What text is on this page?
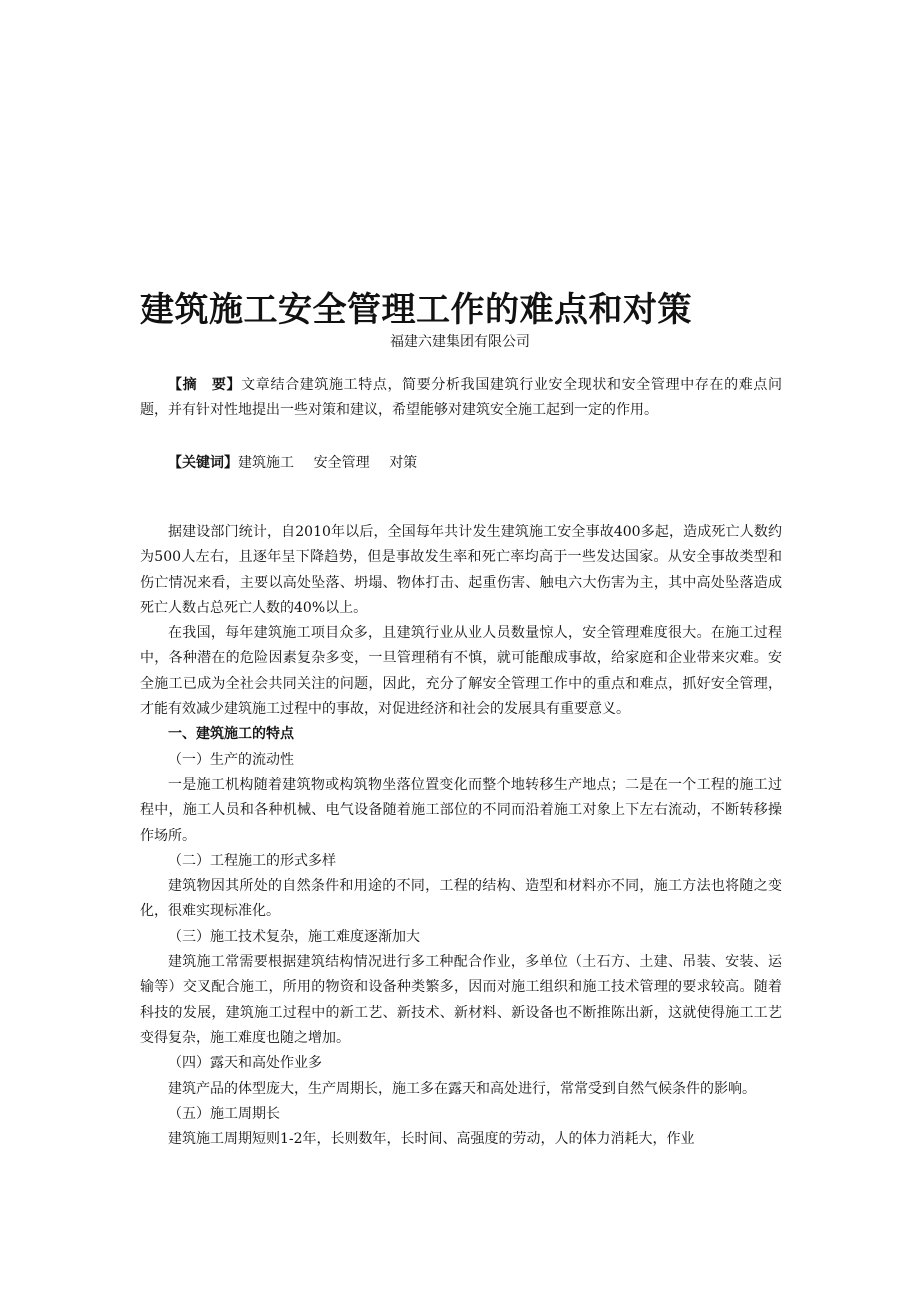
建筑施工安全管理工作的难点和对策
福建六建集团有限公司

【摘　要】文章结合建筑施工特点，简要分析我国建筑行业安全现状和安全管理中存在的难点问题，并有针对性地提出一些对策和建议，希望能够对建筑安全施工起到一定的作用。

【关键词】建筑施工 安全管理 对策

据建设部门统计，自2010年以后，全国每年共计发生建筑施工安全事故400多起，造成死亡人数约为500人左右，且逐年呈下降趋势，但是事故发生率和死亡率均高于一些发达国家。从安全事故类型和伤亡情况来看，主要以高处坠落、坍塌、物体打击、起重伤害、触电六大伤害为主，其中高处坠落造成死亡人数占总死亡人数的40%以上。

在我国，每年建筑施工项目众多，且建筑行业从业人员数量惊人，安全管理难度很大。在施工过程中，各种潜在的危险因素复杂多变，一旦管理稍有不慎，就可能酿成事故，给家庭和企业带来灾难。安全施工已成为全社会共同关注的问题，因此，充分了解安全管理工作中的重点和难点，抓好安全管理，才能有效减少建筑施工过程中的事故，对促进经济和社会的发展具有重要意义。

一、建筑施工的特点

（一）生产的流动性

一是施工机构随着建筑物或构筑物坐落位置变化而整个地转移生产地点；二是在一个工程的施工过程中，施工人员和各种机械、电气设备随着施工部位的不同而沿着施工对象上下左右流动，不断转移操作场所。

（二）工程施工的形式多样

建筑物因其所处的自然条件和用途的不同，工程的结构、造型和材料亦不同，施工方法也将随之变化，很难实现标准化。

（三）施工技术复杂，施工难度逐渐加大

建筑施工常需要根据建筑结构情况进行多工种配合作业，多单位（土石方、土建、吊装、安装、运输等）交叉配合施工，所用的物资和设备种类繁多，因而对施工组织和施工技术管理的要求较高。随着科技的发展，建筑施工过程中的新工艺、新技术、新材料、新设备也不断推陈出新，这就使得施工工艺变得复杂，施工难度也随之增加。

（四）露天和高处作业多

建筑产品的体型庞大，生产周期长，施工多在露天和高处进行，常常受到自然气候条件的影响。

（五）施工周期长

建筑施工周期短则1-2年，长则数年，长时间、高强度的劳动，人的体力消耗大，作业
